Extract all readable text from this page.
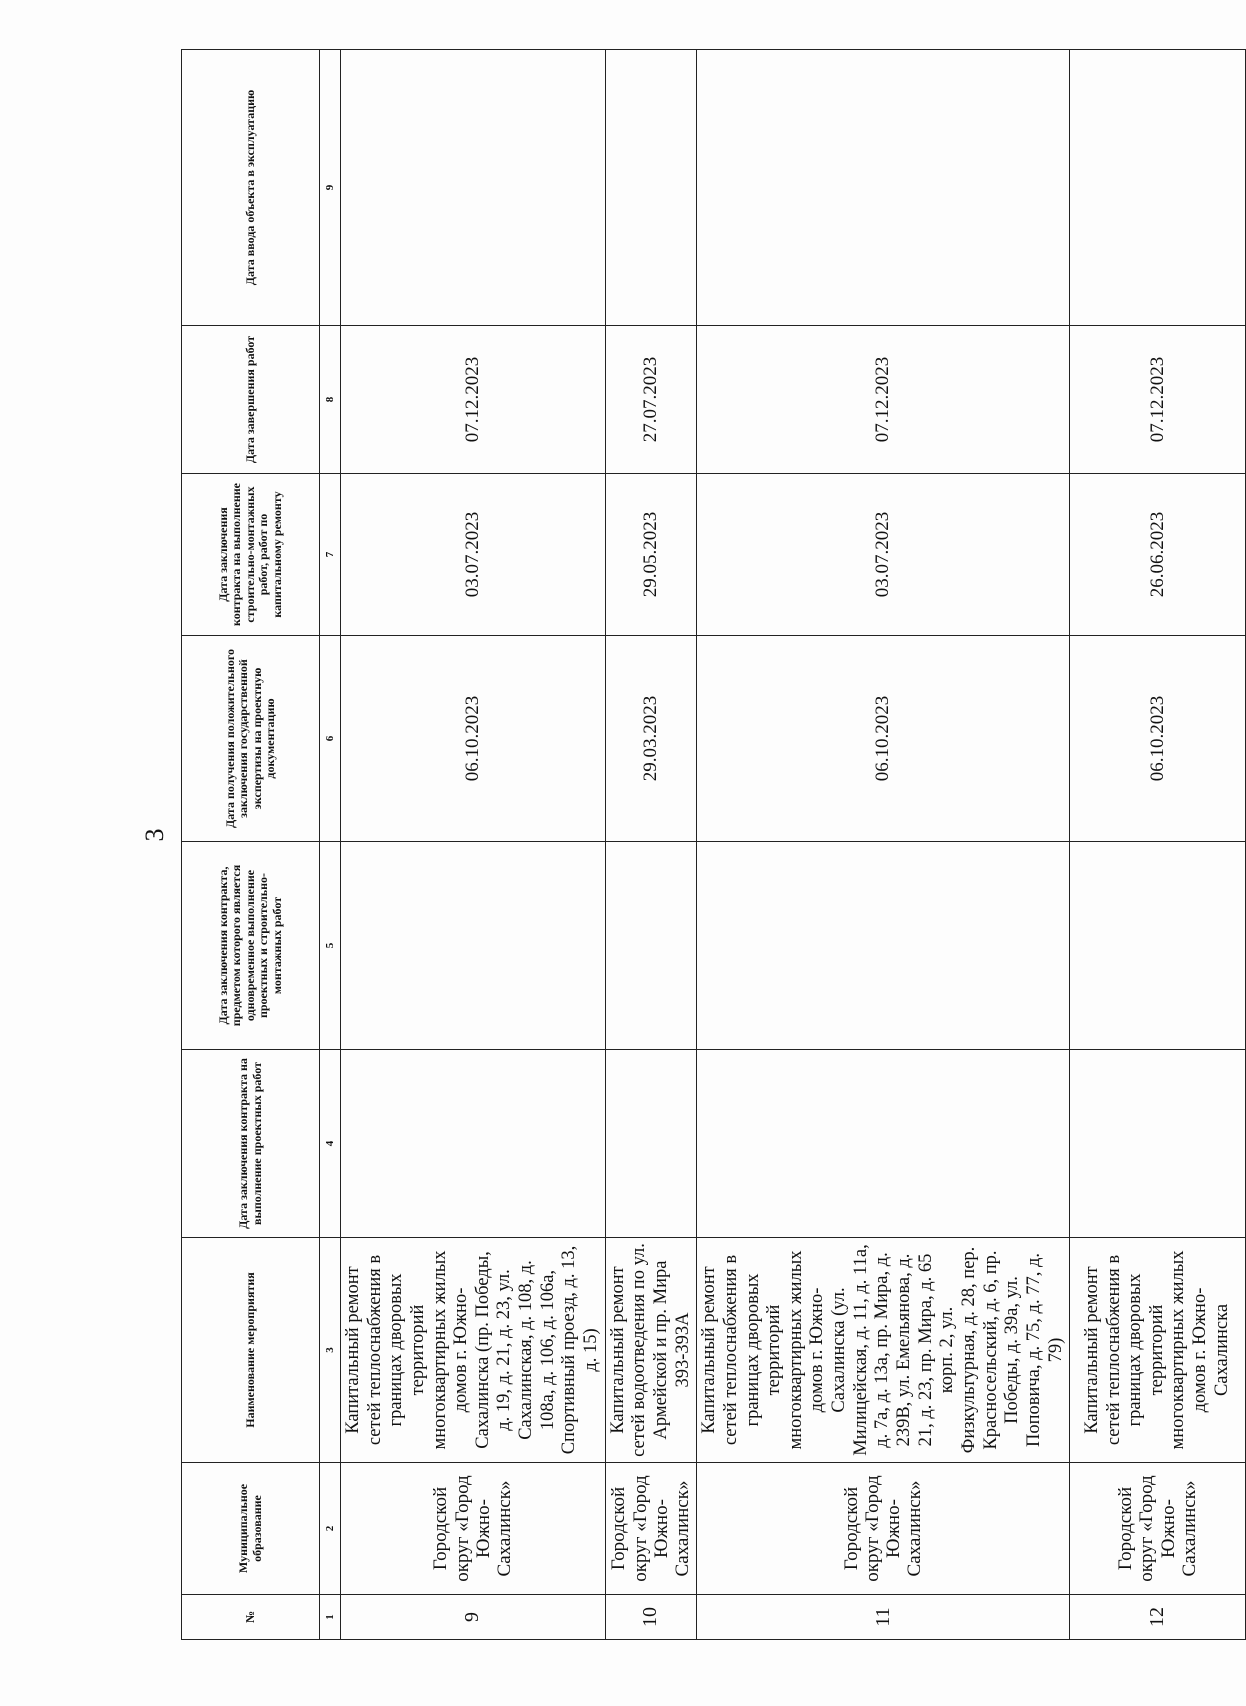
3
№	Муниципальное образование	Наименование мероприятия	Дата заключения контракта на выполнение проектных работ	Дата заключения контракта, предметом которого является одновременное выполнение проектных и строительно-монтажных работ	Дата получения положительного заключения государственной экспертизы на проектную документацию	Дата заключения контракта на выполнение строительно-монтажных работ, работ по капитальному ремонту	Дата завершения работ	Дата ввода объекта в эксплуатацию
1	2	3	4	5	6	7	8	9
9	Городской округ «Город Южно-Сахалинск»	Капитальный ремонт сетей теплоснабжения в границах дворовых территорий многоквартирных жилых домов г. Южно-Сахалинска (пр. Победы, д. 19, д. 21, д. 23, ул. Сахалинская, д. 108, д. 108а, д. 106, д. 106а, Спортивный проезд, д. 13, д. 15)			06.10.2023	03.07.2023	07.12.2023	
10	Городской округ «Город Южно-Сахалинск»	Капитальный ремонт сетей водоотведения по ул. Армейской и пр. Мира 393-393А			29.03.2023	29.05.2023	27.07.2023	
11	Городской округ «Город Южно-Сахалинск»	Капитальный ремонт сетей теплоснабжения в границах дворовых территорий многоквартирных жилых домов г. Южно-Сахалинска (ул. Милицейская, д. 11, д. 11а, д. 7а, д. 13а, пр. Мира, д. 239В, ул. Емельянова, д. 21, д. 23, пр. Мира, д. 65 корп. 2, ул. Физкультурная, д. 28, пер. Красносельский, д. 6, пр. Победы, д. 39а, ул. Поповича, д. 75, д. 77, д. 79)			06.10.2023	03.07.2023	07.12.2023	
12	Городской округ «Город Южно-Сахалинск»	Капитальный ремонт сетей теплоснабжения в границах дворовых территорий многоквартирных жилых домов г. Южно-Сахалинска			06.10.2023	26.06.2023	07.12.2023	
